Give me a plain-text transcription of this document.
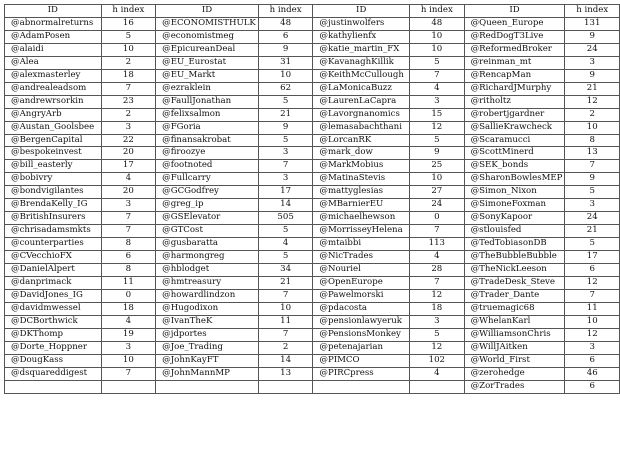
ID	h index	ID	h index	ID	h index	ID	h index
@abnormalreturns	16	@ECONOMISTHULK	48	@justinwolfers	48	@Queen_Europe	131
@AdamPosen	5	@economistmeg	6	@kathylienfx	10	@RedDogT3Live	9
@alaidi	10	@EpicureanDeal	9	@katie_martin_FX	10	@ReformedBroker	24
@Alea	2	@EU_Eurostat	31	@KavanaghKillik	5	@reinman_mt	3
@alexmasterley	18	@EU_Markt	10	@KeithMcCullough	7	@RencapMan	9
@andrealeadsom	7	@ezraklein	62	@LaMonicaBuzz	4	@RichardJMurphy	21
@andrewrsorkin	23	@FaullJonathan	5	@LaurenLaCapra	3	@ritholtz	12
@AngryArb	2	@felixsalmon	21	@Lavorgnanomics	15	@robertjgardner	2
@Austan_Goolsbee	3	@FGoria	9	@lemasabachthani	12	@SallieKrawcheck	10
@BergenCapital	22	@finansakrobat	5	@LorcanRK	5	@Scaramucci	8
@bespokeinvest	20	@firoozye	3	@mark_dow	9	@ScottMinerd	13
@bill_easterly	17	@footnoted	7	@MarkMobius	25	@SEK_bonds	7
@bobivry	4	@Fullcarry	3	@MatinaStevis	10	@SharonBowlesMEP	9
@bondvigilantes	20	@GCGodfrey	17	@mattyglesias	27	@Simon_Nixon	5
@BrendaKelly_IG	3	@greg_ip	14	@MBarnierEU	24	@SimoneFoxman	3
@BritishInsurers	7	@GSElevator	505	@michaelhewson	0	@SonyKapoor	24
@chrisadamsmkts	7	@GTCost	5	@MorrisseyHelena	7	@stlouisfed	21
@counterparties	8	@gusbaratta	4	@mtaibbi	113	@TedTobiasonDB	5
@CVecchioFX	6	@harmongreg	5	@NicTrades	4	@TheBubbleBubble	17
@DanielAlpert	8	@hblodget	34	@Nouriel	28	@TheNickLeeson	6
@danprimack	11	@hmtreasury	21	@OpenEurope	7	@TradeDesk_Steve	12
@DavidJones_IG	0	@howardlindzon	7	@Pawelmorski	12	@Trader_Dante	7
@davidmwessel	18	@Hugodixon	10	@pdacosta	18	@truemagic68	11
@DCBorthwick	4	@IvanTheK	11	@pensionlawyeruk	3	@WhelanKarl	10
@DKThomp	19	@jdportes	7	@PensionsMonkey	5	@WilliamsonChris	12
@Dorte_Hoppner	3	@Joe_Trading	2	@petenajarian	12	@WillJAitken	3
@DougKass	10	@JohnKayFT	14	@PIMCO	102	@World_First	6
@dsquareddigest	7	@JohnMannMP	13	@PIRCpress	4	@zerohedge	46
						@ZorTrades	6
